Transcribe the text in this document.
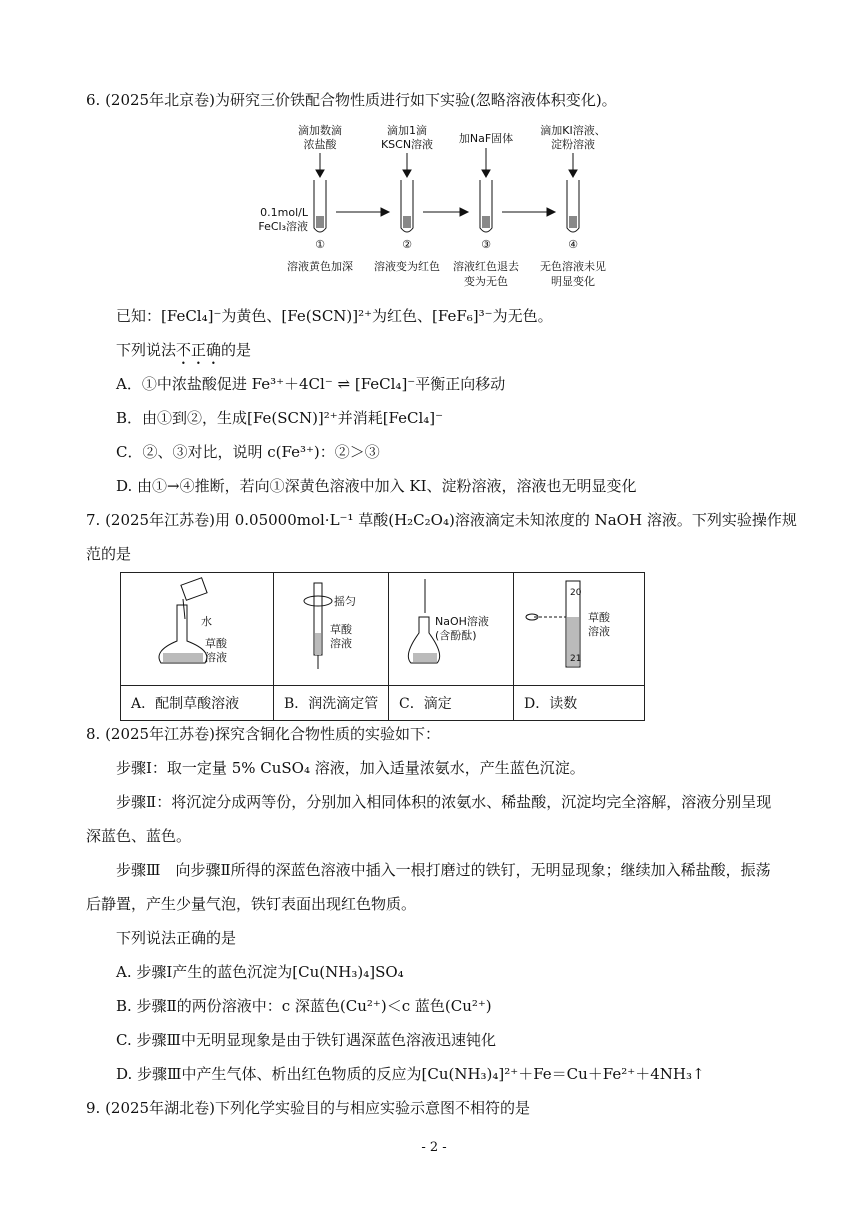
6. (2025年北京卷)为研究三价铁配合物性质进行如下实验(忽略溶液体积变化)。
滴加数滴
浓盐酸
滴加1滴
KSCN溶液 加NaF固体
滴加KI溶液、
淀粉溶液
0.1mol/L
FeCl₃溶液
①	②	③	④
溶液黄色加深 溶液变为红色 溶液红色退去
变为无色
无色溶液未见
明显变化
已知：[FeCl₄]⁻为黄色、[Fe(SCN)]²⁺为红色、[FeF₆]³⁻为无色。
下列说法不正确的是
A．①中浓盐酸促进 Fe³⁺＋4Cl⁻ ⇌ [FeCl₄]⁻平衡正向移动
B．由①到②，生成[Fe(SCN)]²⁺并消耗[FeCl₄]⁻
C．②、③对比，说明 c(Fe³⁺)：②＞③
D. 由①→④推断，若向①深黄色溶液中加入 KI、淀粉溶液，溶液也无明显变化
7. (2025年江苏卷)用 0.05000mol·L⁻¹ 草酸(H₂C₂O₄)溶液滴定未知浓度的 NaOH 溶液。下列实验操作规
范的是
水
草酸
溶液	摇匀
草酸
溶液	NaOH溶液
(含酚酞)	20
21
草酸
溶液

A．配制草酸溶液	B．润洗滴定管	C．滴定	D．读数
8. (2025年江苏卷)探究含铜化合物性质的实验如下：
步骤Ⅰ：取一定量 5% CuSO₄ 溶液，加入适量浓氨水，产生蓝色沉淀。
步骤Ⅱ：将沉淀分成两等份，分别加入相同体积的浓氨水、稀盐酸，沉淀均完全溶解，溶液分别呈现
深蓝色、蓝色。
步骤Ⅲ　向步骤Ⅱ所得的深蓝色溶液中插入一根打磨过的铁钉，无明显现象；继续加入稀盐酸，振荡
后静置，产生少量气泡，铁钉表面出现红色物质。
下列说法正确的是
A. 步骤Ⅰ产生的蓝色沉淀为[Cu(NH₃)₄]SO₄
B. 步骤Ⅱ的两份溶液中：c 深蓝色(Cu²⁺)＜c 蓝色(Cu²⁺)
C. 步骤Ⅲ中无明显现象是由于铁钉遇深蓝色溶液迅速钝化
D. 步骤Ⅲ中产生气体、析出红色物质的反应为[Cu(NH₃)₄]²⁺＋Fe＝Cu＋Fe²⁺＋4NH₃↑
9. (2025年湖北卷)下列化学实验目的与相应实验示意图不相符的是
- 2 -
